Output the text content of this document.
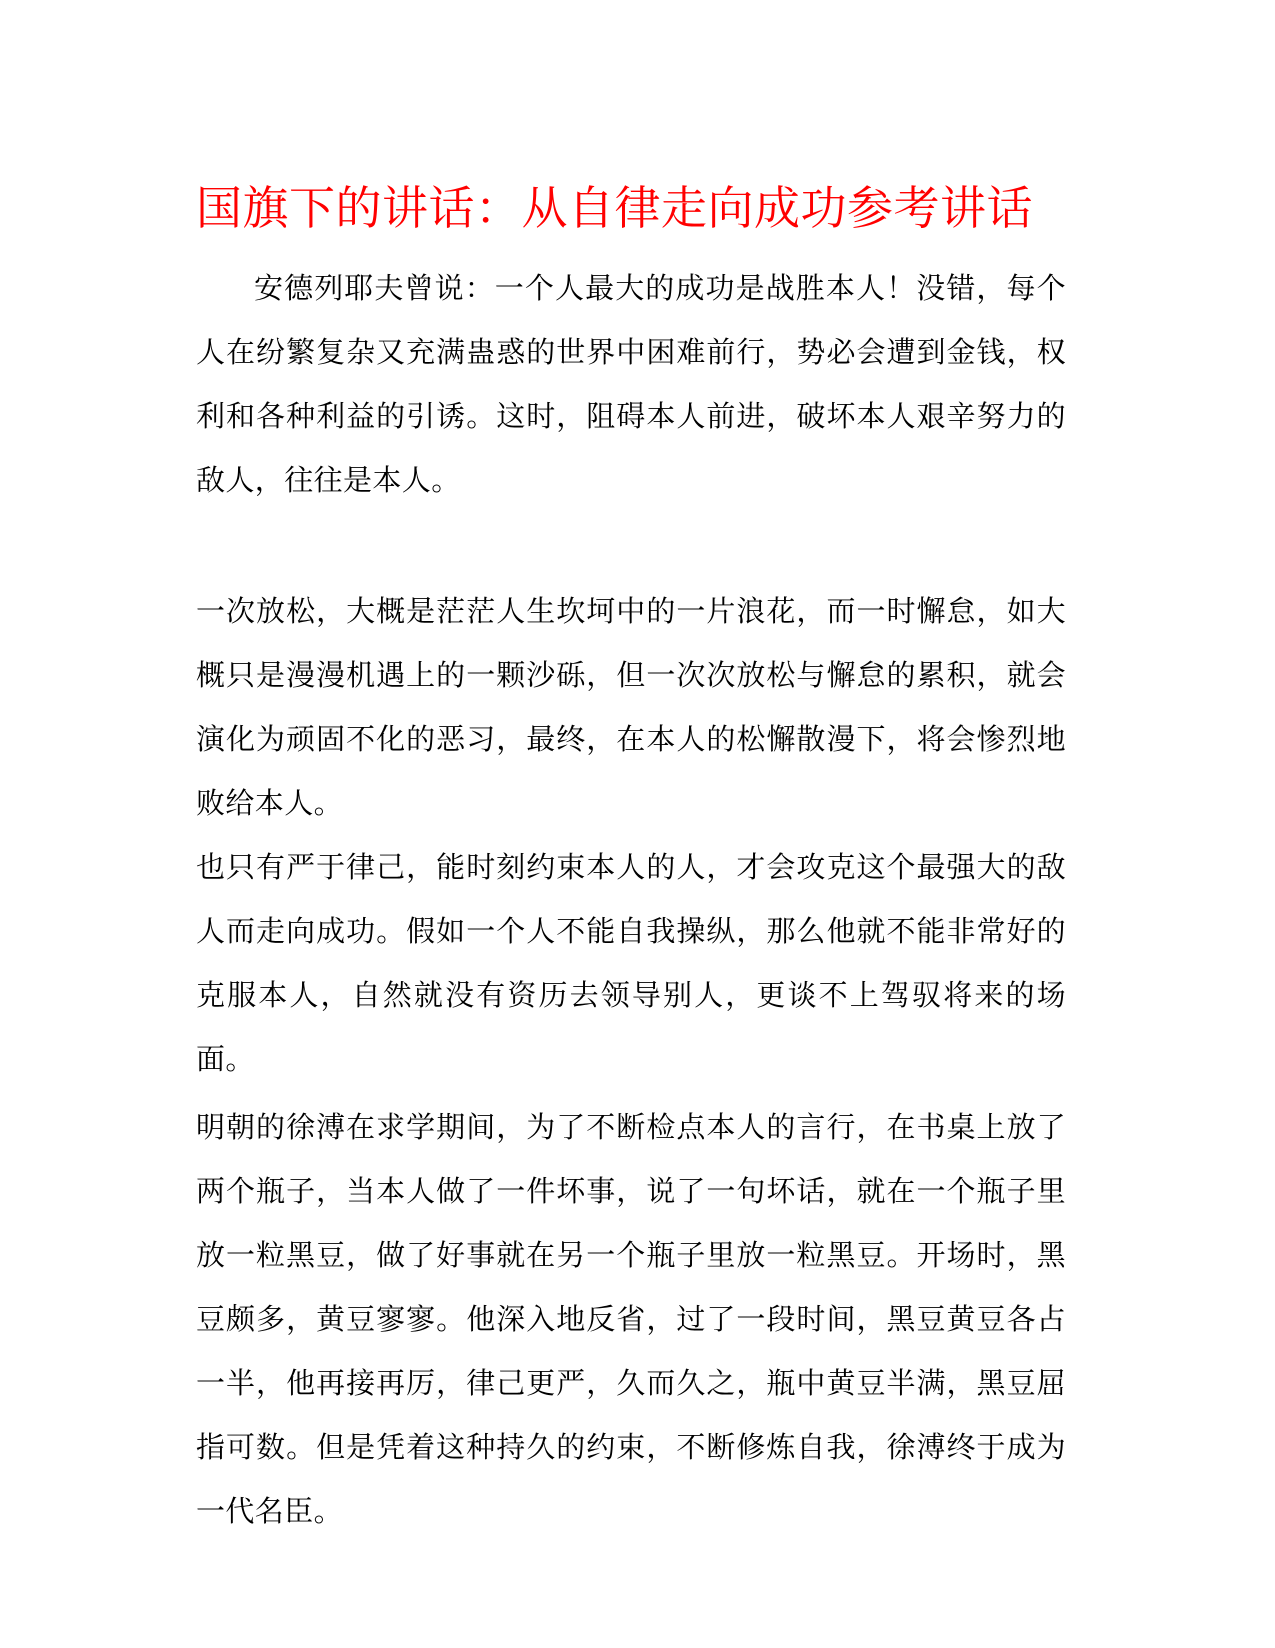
国旗下的讲话：从自律走向成功参考讲话

安德列耶夫曾说：一个人最大的成功是战胜本人！没错，每个人在纷繁复杂又充满蛊惑的世界中困难前行，势必会遭到金钱，权利和各种利益的引诱。这时，阻碍本人前进，破坏本人艰辛努力的敌人，往往是本人。

一次放松，大概是茫茫人生坎坷中的一片浪花，而一时懈怠，如大概只是漫漫机遇上的一颗沙砾，但一次次放松与懈怠的累积，就会演化为顽固不化的恶习，最终，在本人的松懈散漫下，将会惨烈地败给本人。

也只有严于律己，能时刻约束本人的人，才会攻克这个最强大的敌人而走向成功。假如一个人不能自我操纵，那么他就不能非常好的克服本人，自然就没有资历去领导别人，更谈不上驾驭将来的场面。

明朝的徐溥在求学期间，为了不断检点本人的言行，在书桌上放了两个瓶子，当本人做了一件坏事，说了一句坏话，就在一个瓶子里放一粒黑豆，做了好事就在另一个瓶子里放一粒黑豆。开场时，黑豆颇多，黄豆寥寥。他深入地反省，过了一段时间，黑豆黄豆各占一半，他再接再厉，律己更严，久而久之，瓶中黄豆半满，黑豆屈指可数。但是凭着这种持久的约束，不断修炼自我，徐溥终于成为一代名臣。
